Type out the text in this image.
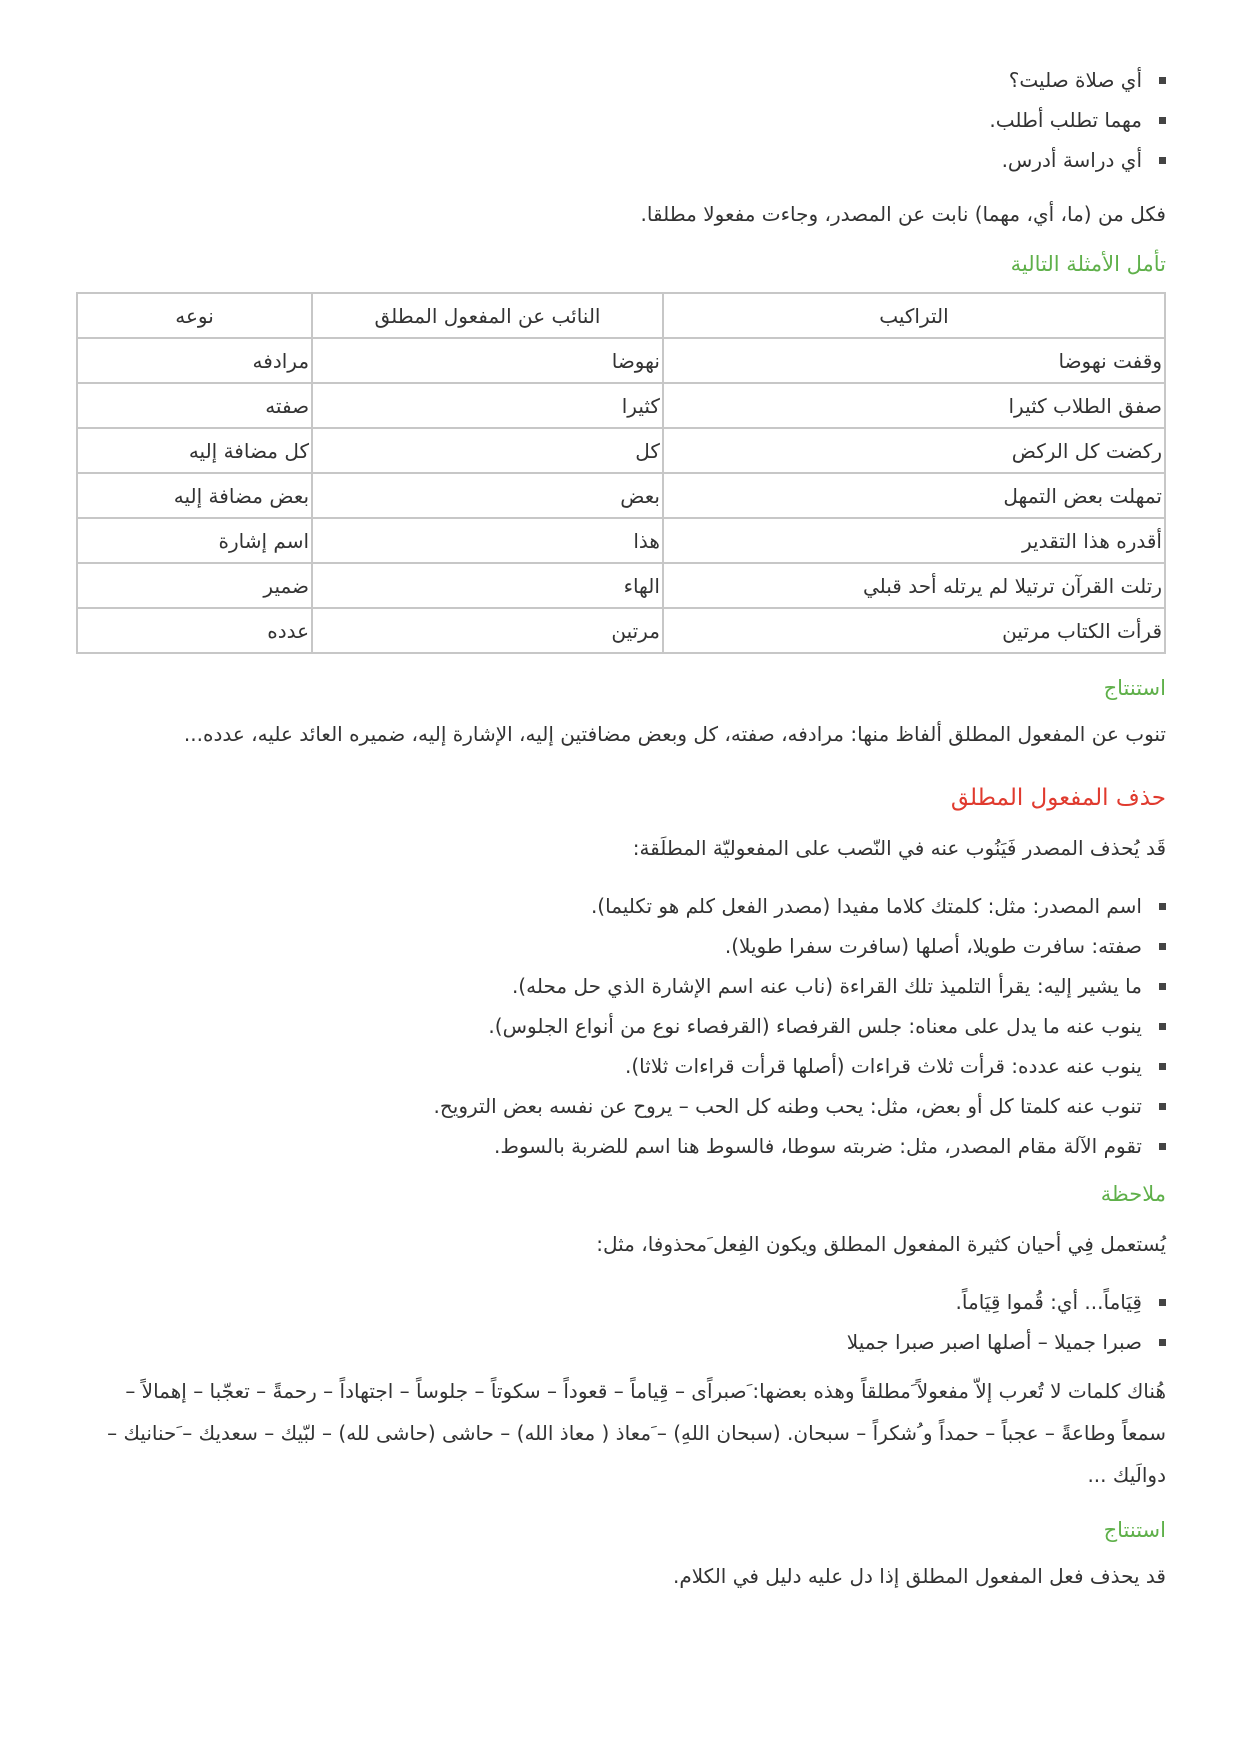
أي صلاة صليت؟
مهما تطلب أطلب.
أي دراسة أدرس.

فكل من (ما، أي، مهما) نابت عن المصدر، وجاءت مفعولا مطلقا.

تأمل الأمثلة التالية

التراكيب	النائب عن المفعول المطلق	نوعه
وقفت نهوضا	نهوضا	مرادفه
صفق الطلاب كثيرا	كثيرا	صفته
ركضت كل الركض	كل	كل مضافة إليه
تمهلت بعض التمهل	بعض	بعض مضافة إليه
أقدره هذا التقدير	هذا	اسم إشارة
رتلت القرآن ترتيلا لم يرتله أحد قبلي	الهاء	ضمير
قرأت الكتاب مرتين	مرتين	عدده

استنتاج

تنوب عن المفعول المطلق ألفاظ منها: مرادفه، صفته، كل وبعض مضافتين إليه، الإشارة إليه، ضميره العائد عليه، عدده...

حذف المفعول المطلق

قَد يُحذف المصدر فَيَنُوب عنه في النّصب على المفعوليّة المطلَقة:

اسم المصدر: مثل: كلمتك كلاما مفيدا (مصدر الفعل كلم هو تكليما).
صفته: سافرت طويلا، أصلها (سافرت سفرا طويلا).
ما يشير إليه: يقرأ التلميذ تلك القراءة (ناب عنه اسم الإشارة الذي حل محله).
ينوب عنه ما يدل على معناه: جلس القرفصاء (القرفصاء نوع من أنواع الجلوس).
ينوب عنه عدده: قرأت ثلاث قراءات (أصلها قرأت قراءات ثلاثا).
تنوب عنه كلمتا كل أو بعض، مثل: يحب وطنه كل الحب – يروح عن نفسه بعض الترويح.
تقوم الآلة مقام المصدر، مثل: ضربته سوطا، فالسوط هنا اسم للضربة بالسوط.

ملاحظة

يُستعمل فِي أحيان كثيرة المفعول المطلق ويكون الفِعل َمحذوفا، مثل:

قِيَاماً... أي: قُموا قِيَاماً.
صبرا جميلا – أصلها اصبر صبرا جميلا

هُناك كلمات لا تُعرب إلاّ مفعولاً َمطلقاً وهذه بعضها: َصبراًى – قِياماً – قعوداً – سكوتاً – جلوساً – اجتهاداً – رحمةً – تعجّبا – إهمالاً – سمعاً وطاعةً – عجباً – حمداً و ُشكراً – سبحان. (سبحان اللهِ) – َمعاذ ( معاذ الله) – حاشى (حاشى لله) – لبّيك – سعديك – َحنانيك – دوالَيك ...

استنتاج

قد يحذف فعل المفعول المطلق إذا دل عليه دليل في الكلام.
